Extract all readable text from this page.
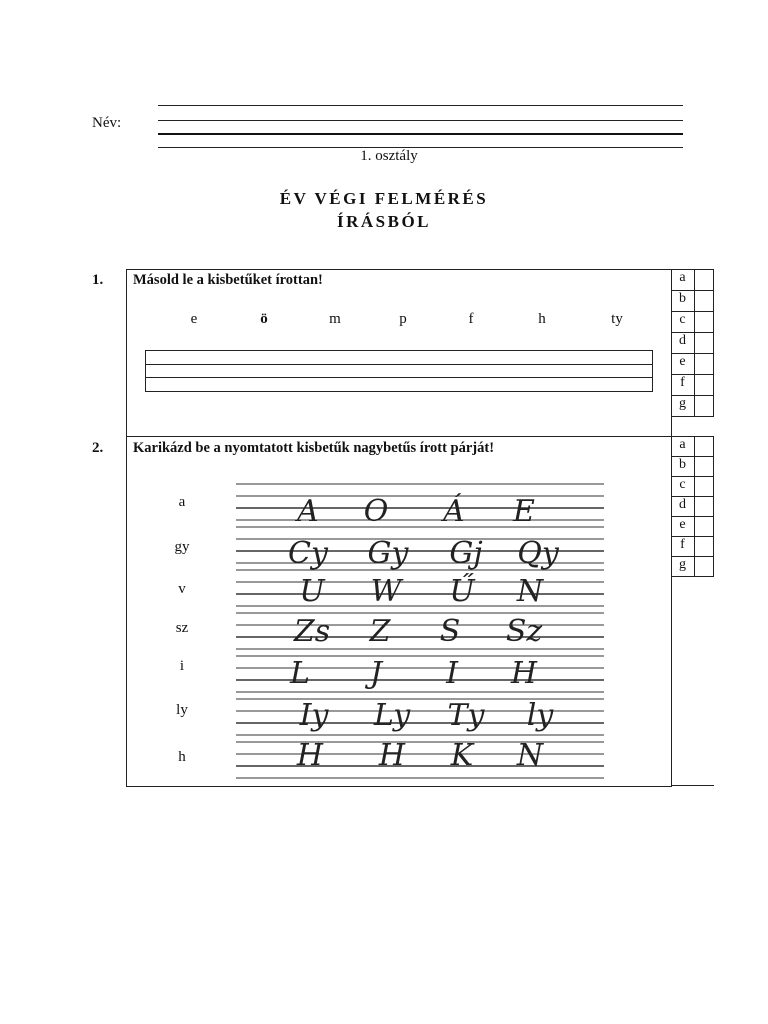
Név:
1. osztály
ÉV VÉGI FELMÉRÉS
ÍRÁSBÓL
1. Másold le a kisbetűket írottan!
e	ö	m	p	f	h	ty
a
b
c
d
e
f
g
2. Karikázd be a nyomtatott kisbetűk nagybetűs írott párját!	a
b
c
d
e
f
g
a	A	O	Á	E
gy	Cy	Gy	Gj	Qy
v	U	W	Ű	N
sz	Zs	Z	S	Sz
i	L	J	I	H
ly	Iy	Ly	Ty	ly
h	H	H	K	N
